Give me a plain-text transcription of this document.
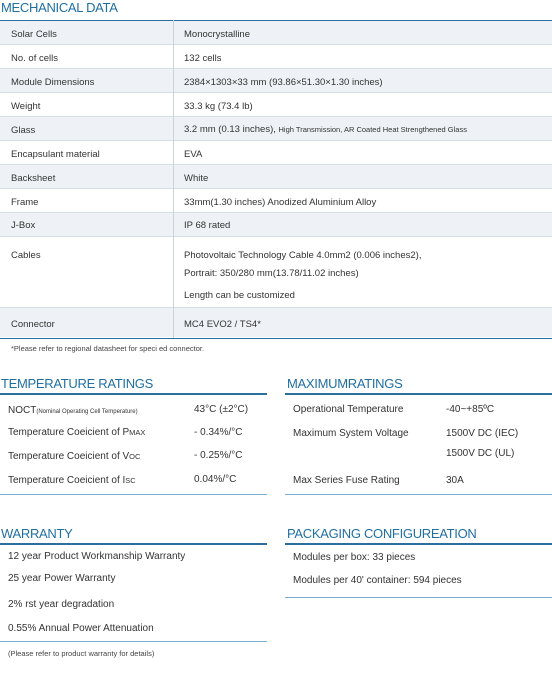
MECHANICAL DATA
Solar Cells	Monocrystalline
No. of cells	132 cells
Module Dimensions	2384×1303×33 mm (93.86×51.30×1.30 inches)
Weight	33.3 kg (73.4 lb)
Glass	3.2 mm (0.13 inches), High Transmission, AR Coated Heat Strengthened Glass
Encapsulant material	EVA
Backsheet	White
Frame	33mm(1.30 inches) Anodized Aluminium Alloy
J-Box	IP 68 rated
Cables	Photovoltaic Technology Cable 4.0mm2 (0.006 inches2),
Portrait: 350/280 mm(13.78/11.02 inches)
Length can be customized
Connector	MC4 EVO2 / TS4*
*Please refer to regional datasheet for speci ed connector.
TEMPERATURE RATINGS
NOCT(Nominal Operating Cell Temperature)	43°C (±2°C)
Temperature Coeicient of PMAX	- 0.34%/°C
Temperature Coeicient of VOC	- 0.25%/°C
Temperature Coeicient of ISC	0.04%/°C
MAXIMUMRATINGS
Operational Temperature	-40~+85ºC
Maximum System Voltage	1500V DC (IEC)
1500V DC (UL)
Max Series Fuse Rating	30A
WARRANTY
12 year Product Workmanship Warranty
25 year Power Warranty
2% rst year degradation
0.55% Annual Power Attenuation
(Please refer to product warranty for details)
PACKAGING CONFIGUREATION
Modules per box: 33 pieces
Modules per 40' container: 594 pieces
